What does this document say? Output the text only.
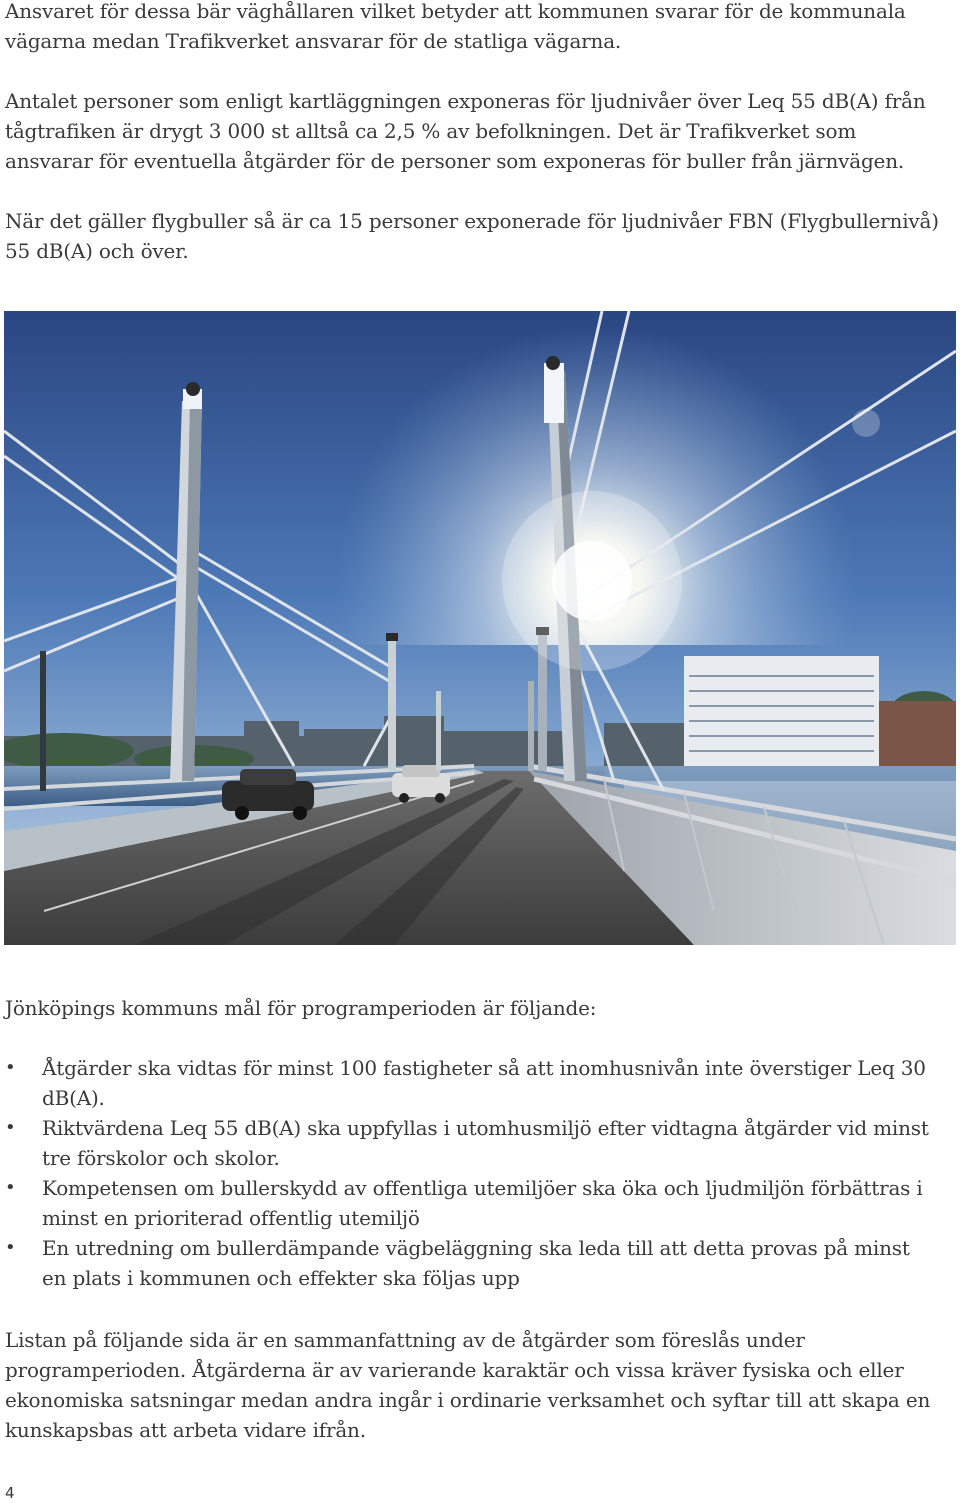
Ansvaret för dessa bär väghållaren vilket betyder att kommunen svarar för de kommunala vägarna medan Trafikverket ansvarar för de statliga vägarna.

Antalet personer som enligt kartläggningen exponeras för ljudnivåer över Leq 55 dB(A) från tågtrafiken är drygt 3 000 st alltså ca 2,5 % av befolkningen. Det är Trafikverket som ansvarar för eventuella åtgärder för de personer som exponeras för buller från järnvägen.

När det gäller flygbuller så är ca 15 personer exponerade för ljudnivåer FBN (Flygbullernivå) 55 dB(A) och över.

Jönköpings kommuns mål för programperioden är följande:

• Åtgärder ska vidtas för minst 100 fastigheter så att inomhusnivån inte överstiger Leq 30 dB(A).
• Riktvärdena Leq 55 dB(A) ska uppfyllas i utomhusmiljö efter vidtagna åtgärder vid minst tre förskolor och skolor.
• Kompetensen om bullerskydd av offentliga utemiljöer ska öka och ljudmiljön förbättras i minst en prioriterad offentlig utemiljö
• En utredning om bullerdämpande vägbeläggning ska leda till att detta provas på minst en plats i kommunen och effekter ska följas upp

Listan på följande sida är en sammanfattning av de åtgärder som föreslås under programperioden. Åtgärderna är av varierande karaktär och vissa kräver fysiska och eller ekonomiska satsningar medan andra ingår i ordinarie verksamhet och syftar till att skapa en kunskapsbas att arbeta vidare ifrån.

4
